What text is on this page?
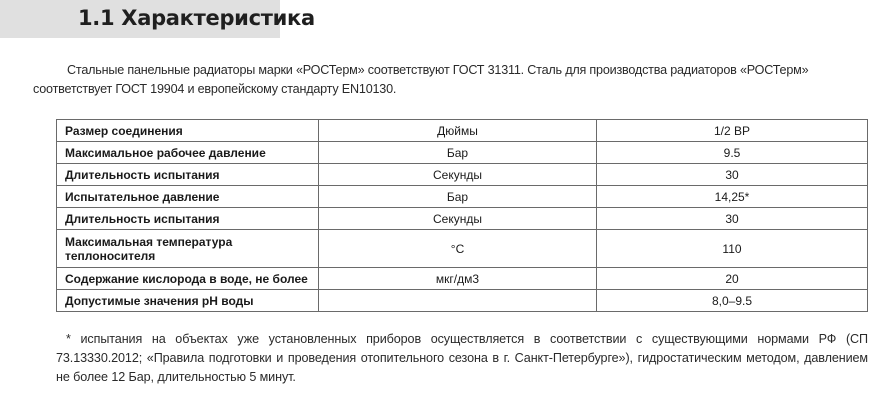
1.1 Характеристика
Стальные панельные радиаторы марки «РОСТерм» соответствуют ГОСТ 31311. Сталь для производства радиаторов «РОСТерм» соответствует ГОСТ 19904 и европейскому стандарту EN10130.
Размер соединения	Дюймы	1/2 ВР
Максимальное рабочее давление	Бар	9.5
Длительность испытания	Секунды	30
Испытательное давление	Бар	14,25*
Длительность испытания	Секунды	30
Максимальная температура теплоносителя	°С	110
Содержание кислорода в воде, не более	мкг/дм3	20
Допустимые значения pH воды		8,0–9.5
* испытания на объектах уже установленных приборов осуществляется в соответствии с существующими нормами РФ (СП 73.13330.2012; «Правила подготовки и проведения отопительного сезона в г. Санкт-Петербурге»), гидростатическим методом, давлением не более 12 Бар, длительностью 5 минут.
